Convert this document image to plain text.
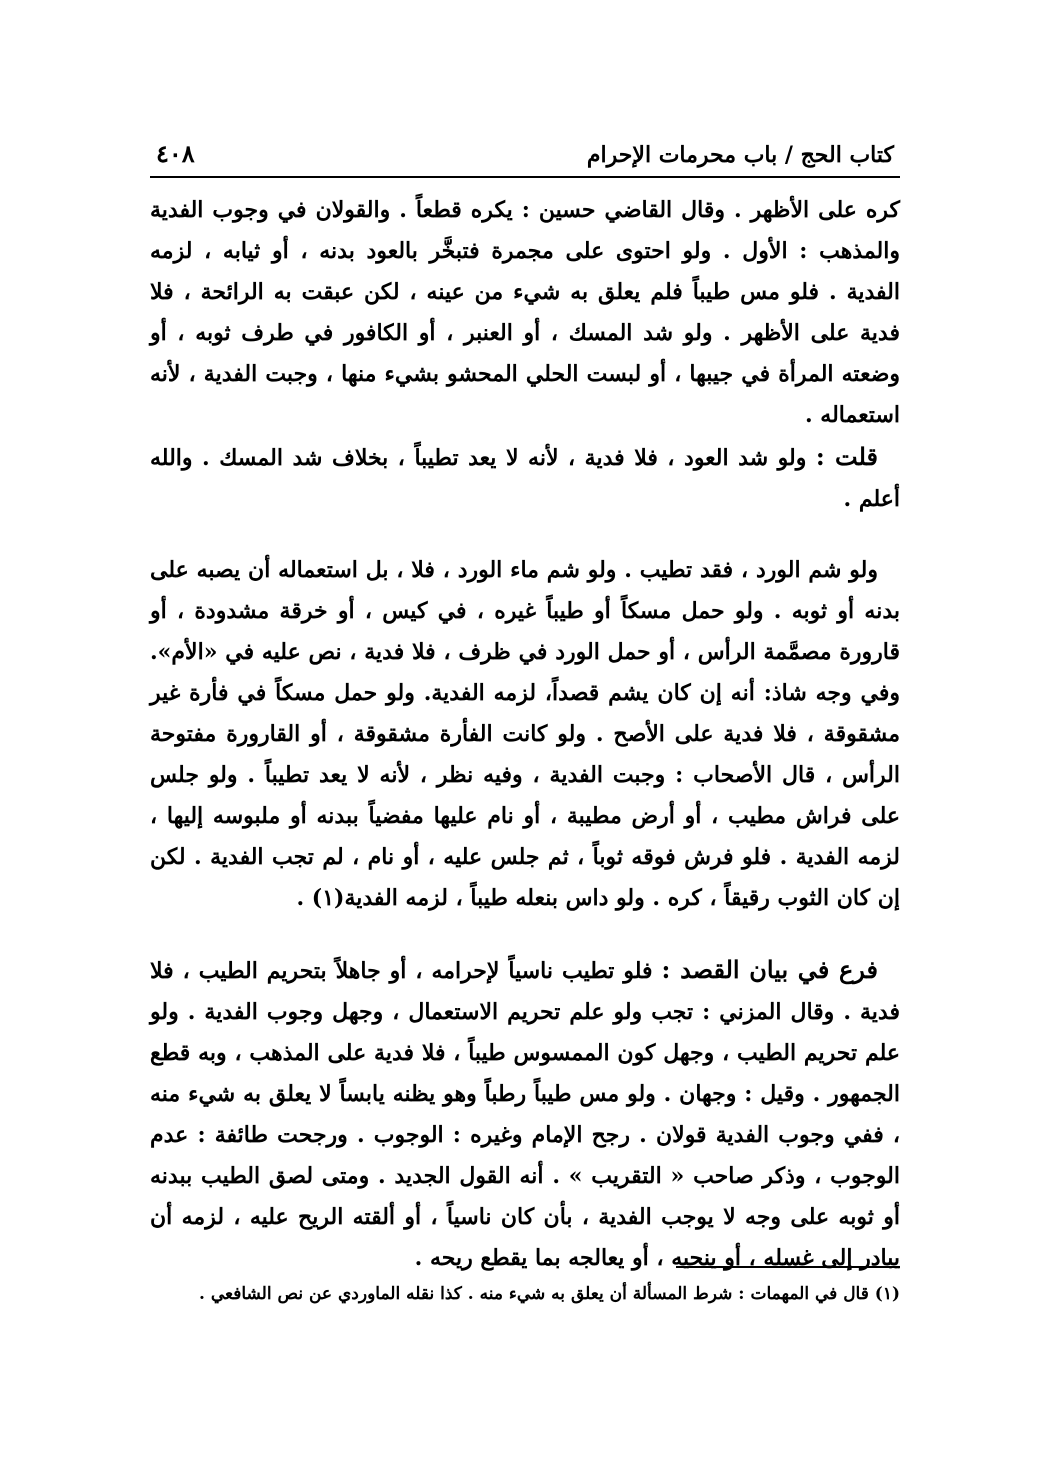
كتاب الحج / باب محرمات الإحرام
٤٠٨

كره على الأظهر . وقال القاضي حسين : يكره قطعاً . والقولان في وجوب الفدية والمذهب : الأول . ولو احتوى على مجمرة فتبخَّر بالعود بدنه ، أو ثيابه ، لزمه الفدية . فلو مس طيباً فلم يعلق به شيء من عينه ، لكن عبقت به الرائحة ، فلا فدية على الأظهر . ولو شد المسك ، أو العنبر ، أو الكافور في طرف ثوبه ، أو وضعته المرأة في جيبها ، أو لبست الحلي المحشو بشيء منها ، وجبت الفدية ، لأنه استعماله .

قلت : ولو شد العود ، فلا فدية ، لأنه لا يعد تطيباً ، بخلاف شد المسك . والله أعلم .

ولو شم الورد ، فقد تطيب . ولو شم ماء الورد ، فلا ، بل استعماله أن يصبه على بدنه أو ثوبه . ولو حمل مسكاً أو طيباً غيره ، في كيس ، أو خرقة مشدودة ، أو قارورة مصمَّمة الرأس ، أو حمل الورد في ظرف ، فلا فدية ، نص عليه في «الأم». وفي وجه شاذ: أنه إن كان يشم قصداً، لزمه الفدية. ولو حمل مسكاً في فأرة غير مشقوقة ، فلا فدية على الأصح . ولو كانت الفأرة مشقوقة ، أو القارورة مفتوحة الرأس ، قال الأصحاب : وجبت الفدية ، وفيه نظر ، لأنه لا يعد تطيباً . ولو جلس على فراش مطيب ، أو أرض مطيبة ، أو نام عليها مفضياً ببدنه أو ملبوسه إليها ، لزمه الفدية . فلو فرش فوقه ثوباً ، ثم جلس عليه ، أو نام ، لم تجب الفدية . لكن إن كان الثوب رقيقاً ، كره . ولو داس بنعله طيباً ، لزمه الفدية(١) .

فرع في بيان القصد : فلو تطيب ناسياً لإحرامه ، أو جاهلاً بتحريم الطيب ، فلا فدية . وقال المزني : تجب ولو علم تحريم الاستعمال ، وجهل وجوب الفدية . ولو علم تحريم الطيب ، وجهل كون الممسوس طيباً ، فلا فدية على المذهب ، وبه قطع الجمهور . وقيل : وجهان . ولو مس طيباً رطباً وهو يظنه يابساً لا يعلق به شيء منه ، ففي وجوب الفدية قولان . رجح الإمام وغيره : الوجوب . ورجحت طائفة : عدم الوجوب ، وذكر صاحب « التقريب » . أنه القول الجديد . ومتى لصق الطيب ببدنه أو ثوبه على وجه لا يوجب الفدية ، بأن كان ناسياً ، أو ألقته الريح عليه ، لزمه أن يبادر إلى غسله ، أو ينحيه ، أو يعالجه بما يقطع ريحه .

(١) قال في المهمات : شرط المسألة أن يعلق به شيء منه . كذا نقله الماوردي عن نص الشافعي .
